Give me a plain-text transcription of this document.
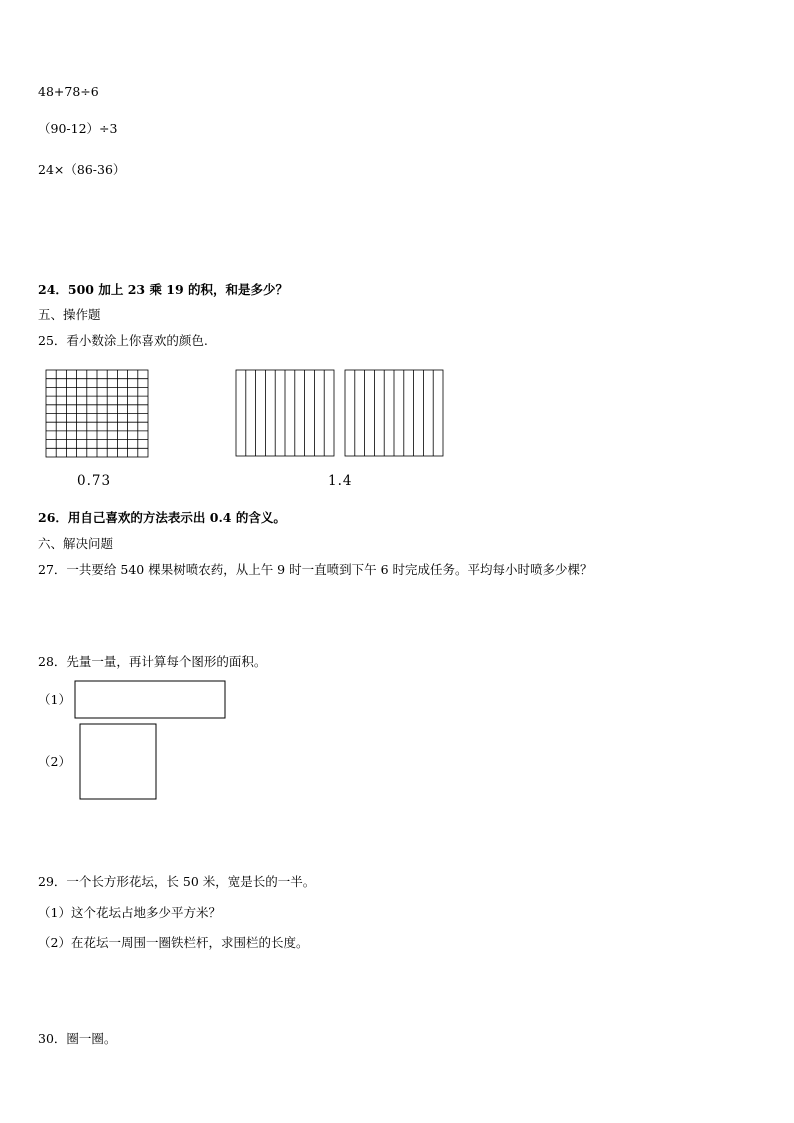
48+78÷6
（90-12）÷3
24×（86-36）
24．500 加上 23 乘 19 的积，和是多少？
五、操作题
25．看小数涂上你喜欢的颜色.
0.73	1.4
26．用自己喜欢的方法表示出 0.4 的含义。
六、解决问题
27．一共要给 540 棵果树喷农药，从上午 9 时一直喷到下午 6 时完成任务。平均每小时喷多少棵？
28．先量一量，再计算每个图形的面积。
（1）
（2）
29．一个长方形花坛，长 50 米，宽是长的一半。
（1）这个花坛占地多少平方米？
（2）在花坛一周围一圈铁栏杆，求围栏的长度。
30．圈一圈。
